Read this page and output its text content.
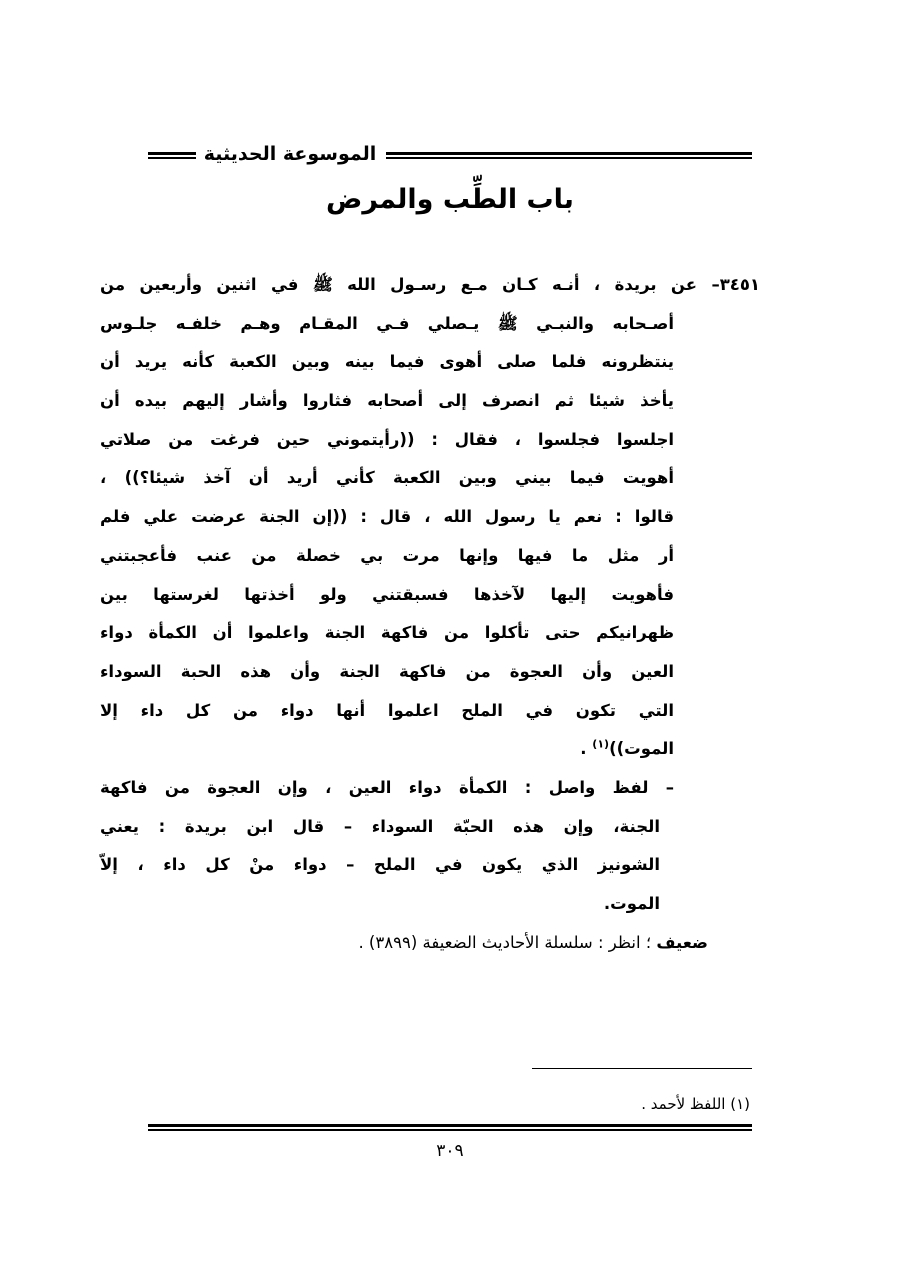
الموسوعة الحديثية
باب الطِّب والمرض
٣٤٥١– عن بريدة ، أنـه كـان مـع رسـول الله ﷺ في اثنين وأربعين من
أصـحابه والنبـي ﷺ يـصلي فـي المقـام وهـم خلفـه جلـوس
ينتظرونه فلما صلى أهوى فيما بينه وبين الكعبة كأنه يريد أن
يأخذ شيئا ثم انصرف إلى أصحابه فثاروا وأشار إليهم بيده أن
اجلسوا فجلسوا ، فقال : ((رأيتموني حين فرغت من صلاتي
أهويت فيما بيني وبين الكعبة كأني أريد أن آخذ شيئا؟)) ،
قالوا : نعم يا رسول الله ، قال : ((إن الجنة عرضت علي فلم
أر مثل ما فيها وإنها مرت بي خصلة من عنب فأعجبتني
فأهويت إليها لآخذها فسبقتني ولو أخذتها لغرستها بين
ظهرانيكم حتى تأكلوا من فاكهة الجنة واعلموا أن الكمأة دواء
العين وأن العجوة من فاكهة الجنة وأن هذه الحبة السوداء
التي تكون في الملح اعلموا أنها دواء من كل داء إلا
الموت))$^{(١)}$ .
– لفظ واصل : الكمأة دواء العين ، وإن العجوة من فاكهة
الجنة، وإن هذه الحبّة السوداء – قال ابن بريدة : يعني
الشونيز الذي يكون في الملح – دواء منْ كل داء ، إلاّ
الموت.
ضعيف ؛ انظر : سلسلة الأحاديث الضعيفة (٣٨٩٩) .
(١) اللفظ لأحمد .
٣٠٩
